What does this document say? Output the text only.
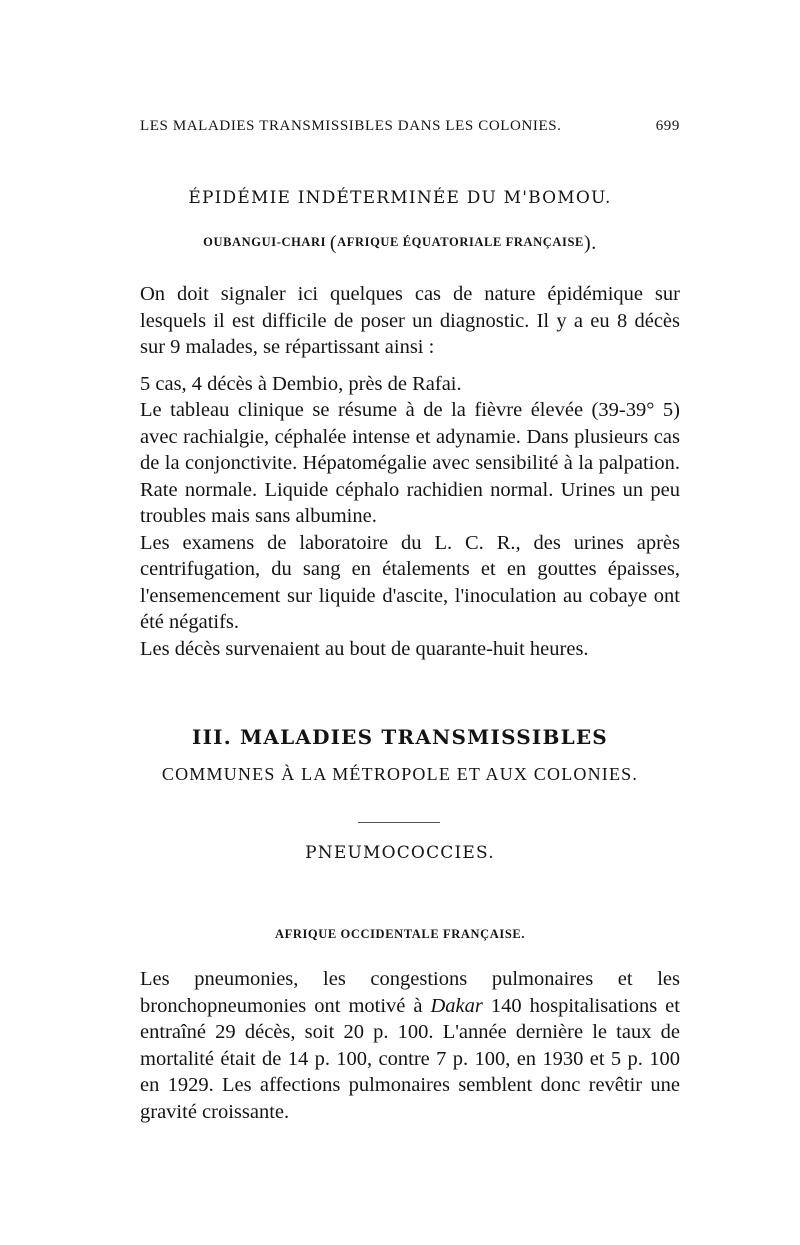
LES MALADIES TRANSMISSIBLES DANS LES COLONIES.	699
ÉPIDÉMIE INDÉTERMINÉE DU M'BOMOU.
OUBANGUI-CHARI (AFRIQUE ÉQUATORIALE FRANÇAISE).

On doit signaler ici quelques cas de nature épidémique sur lesquels il est difficile de poser un diagnostic. Il y a eu 8 décès sur 9 malades, se répartissant ainsi :

5 cas, 4 décès à Dembio, près de Rafai.

Le tableau clinique se résume à de la fièvre élevée (39-39° 5) avec rachialgie, céphalée intense et adynamie. Dans plusieurs cas de la conjonctivite. Hépatomégalie avec sensibilité à la palpation. Rate normale. Liquide céphalo rachidien normal. Urines un peu troubles mais sans albumine.

Les examens de laboratoire du L. C. R., des urines après centrifugation, du sang en étalements et en gouttes épaisses, l'ensemencement sur liquide d'ascite, l'inoculation au cobaye ont été négatifs.

Les décès survenaient au bout de quarante-huit heures.

III. MALADIES TRANSMISSIBLES
COMMUNES À LA MÉTROPOLE ET AUX COLONIES.
PNEUMOCOCCIES.
AFRIQUE OCCIDENTALE FRANÇAISE.

Les pneumonies, les congestions pulmonaires et les bronchopneumonies ont motivé à Dakar 140 hospitalisations et entraîné 29 décès, soit 20 p. 100. L'année dernière le taux de mortalité était de 14 p. 100, contre 7 p. 100, en 1930 et 5 p. 100 en 1929. Les affections pulmonaires semblent donc revêtir une gravité croissante.
